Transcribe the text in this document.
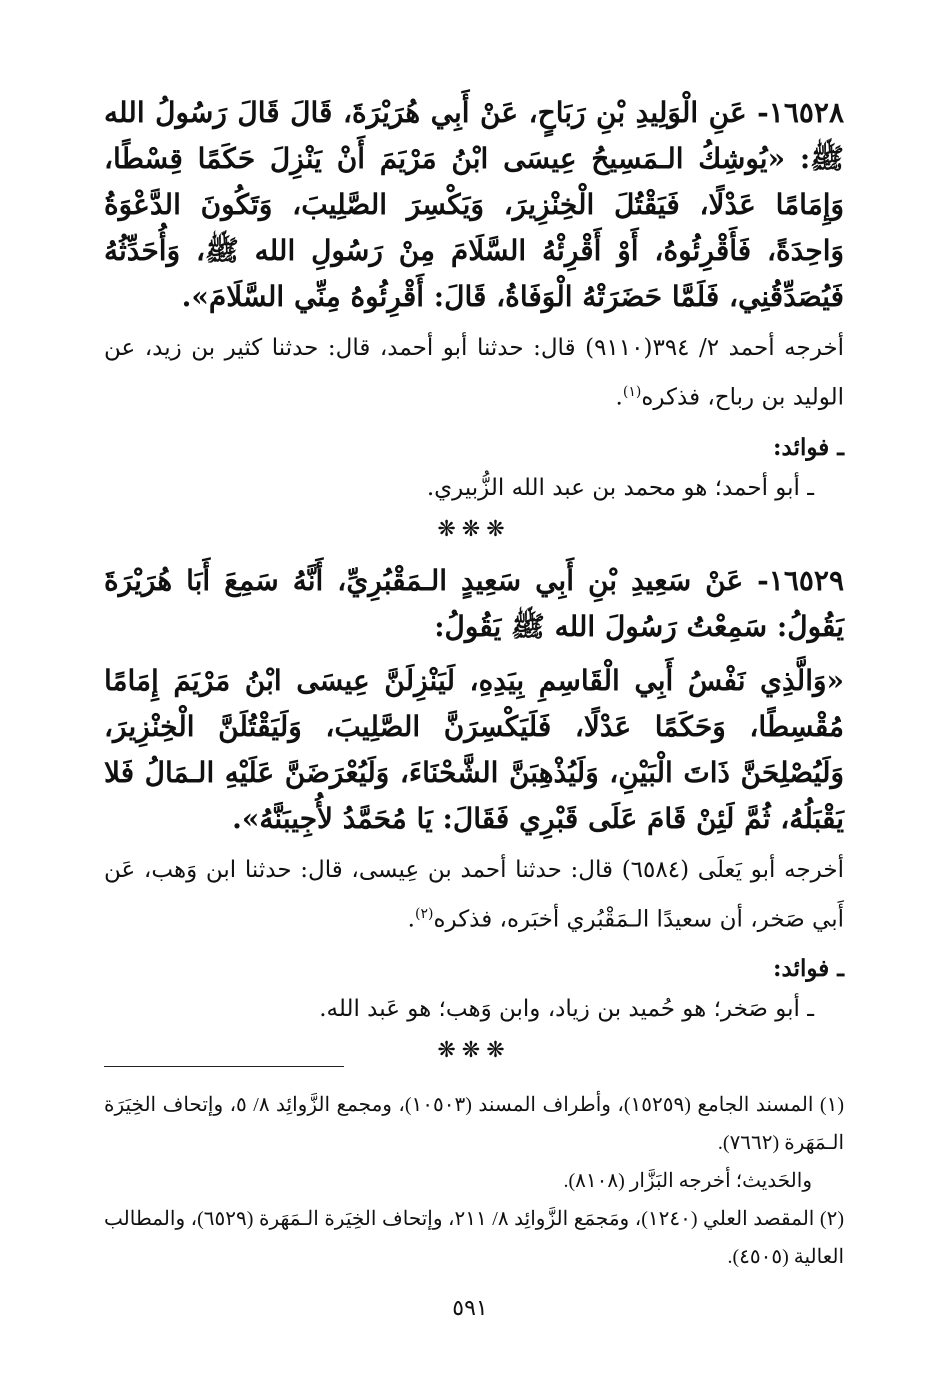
١٦٥٢٨- عَنِ الْوَلِيدِ بْنِ رَبَاحٍ، عَنْ أَبِي هُرَيْرَةَ، قَالَ قَالَ رَسُولُ الله ﷺ: «يُوشِكُ الـمَسِيحُ عِيسَى ابْنُ مَرْيَمَ أَنْ يَنْزِلَ حَكَمًا قِسْطًا، وَإِمَامًا عَدْلًا، فَيَقْتُلَ الْخِنْزِيرَ، وَيَكْسِرَ الصَّلِيبَ، وَتَكُونَ الدَّعْوَةُ وَاحِدَةً، فَأَقْرِئُوهُ، أَوْ أَقْرِئْهُ السَّلَامَ مِنْ رَسُولِ الله ﷺ، وَأُحَدِّثُهُ فَيُصَدِّقُنِي، فَلَمَّا حَضَرَتْهُ الْوَفَاةُ، قَالَ: أَقْرِئُوهُ مِنِّي السَّلَامَ».

أخرجه أحمد ٢/ ٣٩٤(٩١١٠) قال: حدثنا أبو أحمد، قال: حدثنا كثير بن زيد، عن الوليد بن رباح، فذكره$^{(١)}$.

ـ فوائد:

ـ أبو أحمد؛ هو محمد بن عبد الله الزُّبيري.

❋❋❋

١٦٥٢٩- عَنْ سَعِيدِ بْنِ أَبِي سَعِيدٍ الـمَقْبُرِيِّ، أَنَّهُ سَمِعَ أَبَا هُرَيْرَةَ يَقُولُ: سَمِعْتُ رَسُولَ الله ﷺ يَقُولُ:

«وَالَّذِي نَفْسُ أَبِي الْقَاسِمِ بِيَدِهِ، لَيَنْزِلَنَّ عِيسَى ابْنُ مَرْيَمَ إِمَامًا مُقْسِطًا، وَحَكَمًا عَدْلًا، فَلَيَكْسِرَنَّ الصَّلِيبَ، وَلَيَقْتُلَنَّ الْخِنْزِيرَ، وَلَيُصْلِحَنَّ ذَاتَ الْبَيْنِ، وَلَيُذْهِبَنَّ الشَّحْنَاءَ، وَلَيُعْرَضَنَّ عَلَيْهِ الـمَالُ فَلا يَقْبَلُهُ، ثُمَّ لَئِنْ قَامَ عَلَى قَبْرِي فَقَالَ: يَا مُحَمَّدُ لأُجِيبَنَّهُ».

أخرجه أبو يَعلَى (٦٥٨٤) قال: حدثنا أحمد بن عِيسى، قال: حدثنا ابن وَهب، عَن أَبي صَخر، أن سعيدًا الـمَقْبُري أخبَره، فذكره$^{(٢)}$.

ـ فوائد:

ـ أبو صَخر؛ هو حُميد بن زياد، وابن وَهب؛ هو عَبد الله.

❋❋❋

(١) المسند الجامع (١٥٢٥٩)، وأطراف المسند (١٠٥٠٣)، ومجمع الزَّوائِد ٨/ ٥، وإتحاف الخِيَرَة الـمَهَرة (٧٦٦٢).

والحَديث؛ أخرجه البَزَّار (٨١٠٨).

(٢) المقصد العلي (١٢٤٠)، ومَجمَع الزَّوائِد ٨/ ٢١١، وإتحاف الخِيَرة الـمَهَرة (٦٥٢٩)، والمطالب العالية (٤٥٠٥).

٥٩١
